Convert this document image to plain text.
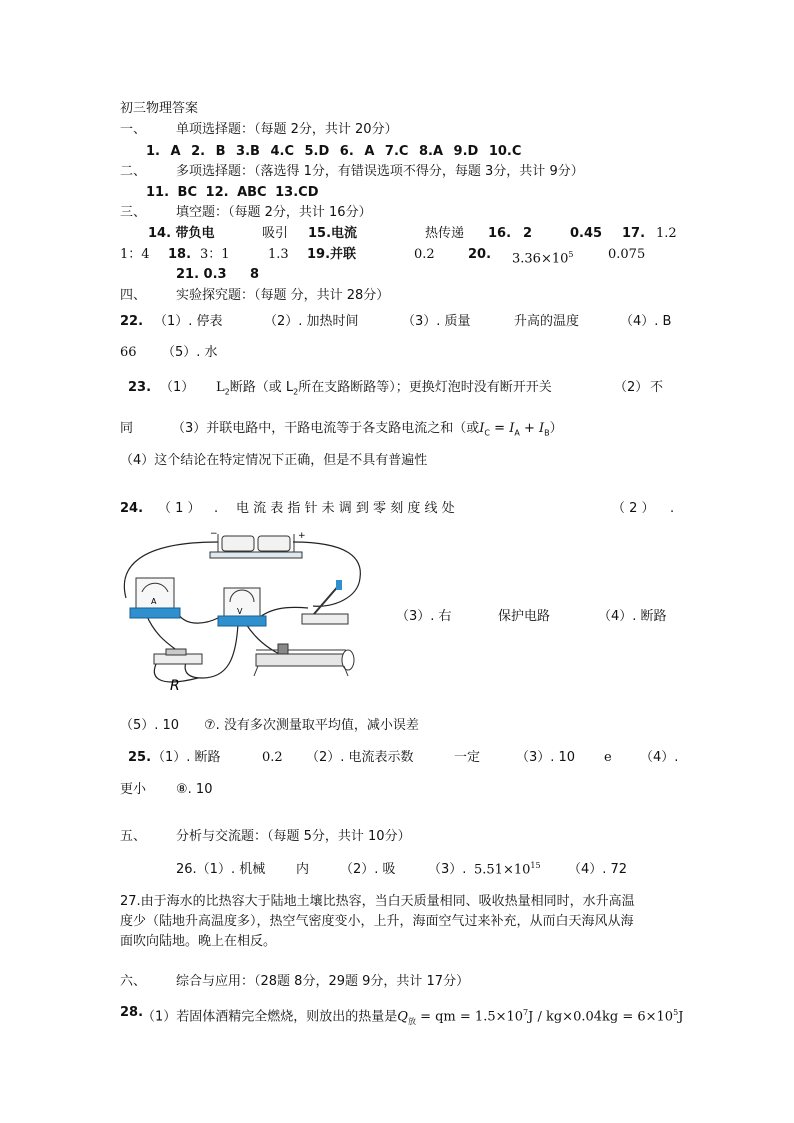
初三物理答案
一、 单项选择题：（每题 2分，共计 20分）
1. A 2. B 3.B 4.C 5.D 6. A 7.C 8.A 9.D 10.C
二、 多项选择题：（落选得 1分，有错误选项不得分，每题 3分，共计 9分）
11. BC 12. ABC 13.CD
三、 填空题：（每题 2分，共计 16分）
14. 带负电	吸引 15.电流	热传递 16. 2	0.45 17. 1.2
1：4 18. 3：1	1.3 19.并联	0.2	20. $3.36\times 10^5$	0.075
21. 0.3 8
四、 实验探究题：（每题 分，共计 28分）
22. （1）. 停表	（2）. 加热时间	（3）. 质量	升高的温度	（4）. B
66 （5）. 水
23. （1） $L_2$断路（或 $L_2$所在支路断路等）；更换灯泡时没有断开开关	（2） 不
同	（3）并联电路中，干路电流等于各支路电流之和（或$I_C = I_A + I_B$）
（4）这个结论在特定情况下正确，但是不具有普遍性
24. （ 1 ） . 电 流 表 指 针 未 调 到 零 刻 度 线 处	（ 2 ） .
−	+
A
V
R
（3）. 右	保护电路	（4）. 断路
（5）. 10 ⑦. 没有多次测量取平均值，减小误差
25. （1）. 断路	0.2 （2）. 电流表示数	一定	（3）. 10 e （4）.
更小 ⑧. 10
五、 分析与交流题：（每题 5分，共计 10分）
26.（1）. 机械 内 （2）. 吸 （3）. $5.51\times 10^{15}$ （4）. 72
27.由于海水的比热容大于陆地土壤比热容，当白天质量相同、吸收热量相同时，水升高温
度少（陆地升高温度多），热空气密度变小，上升，海面空气过来补充，从而白天海风从海
面吹向陆地。晚上在相反。
六、 综合与应用：（28题 8分，29题 9分，共计 17分）
28.
（1）若固体酒精完全燃烧，则放出的热量是$Q_放$ = qm = $1.5\times 10^7J / kg\times 0.04kg = 6\times 10^5J$
